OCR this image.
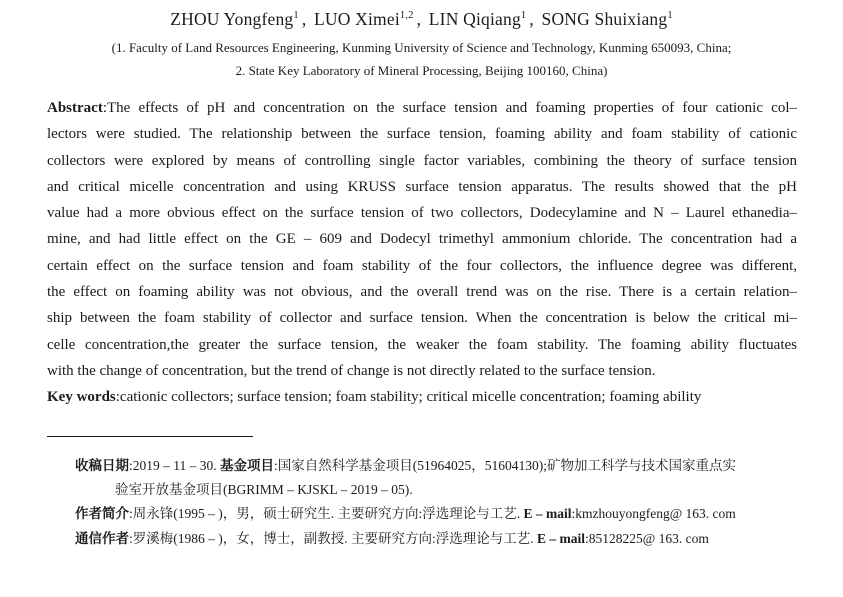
ZHOU Yongfeng$^1$ , LUO Ximei$^{1,2}$ , LIN Qiqiang$^1$ , SONG Shuixiang$^1$
(1. Faculty of Land Resources Engineering, Kunming University of Science and Technology, Kunming 650093, China;
2. State Key Laboratory of Mineral Processing, Beijing 100160, China)
Abstract:The effects of pH and concentration on the surface tension and foaming properties of four cationic col–
lectors were studied. The relationship between the surface tension, foaming ability and foam stability of cationic
collectors were explored by means of controlling single factor variables, combining the theory of surface tension
and critical micelle concentration and using KRUSS surface tension apparatus. The results showed that the pH
value had a more obvious effect on the surface tension of two collectors, Dodecylamine and N – Laurel ethanedia–
mine, and had little effect on the GE – 609 and Dodecyl trimethyl ammonium chloride. The concentration had a
certain effect on the surface tension and foam stability of the four collectors, the influence degree was different,
the effect on foaming ability was not obvious, and the overall trend was on the rise. There is a certain relation–
ship between the foam stability of collector and surface tension. When the concentration is below the critical mi–
celle concentration,the greater the surface tension, the weaker the foam stability. The foaming ability fluctuates
with the change of concentration, but the trend of change is not directly related to the surface tension.
Key words:cationic collectors; surface tension; foam stability; critical micelle concentration; foaming ability
收稿日期:2019 – 11 – 30. 基金项目:国家自然科学基金项目(51964025，51604130);矿物加工科学与技术国家重点实
验室开放基金项目(BGRIMM – KJSKL – 2019 – 05).
作者简介:周永锋(1995 – )，男，硕士研究生. 主要研究方向:浮选理论与工艺. E – mail:kmzhouyongfeng@ 163. com
通信作者:罗溪梅(1986 – )，女，博士，副教授. 主要研究方向:浮选理论与工艺. E – mail:85128225@ 163. com
